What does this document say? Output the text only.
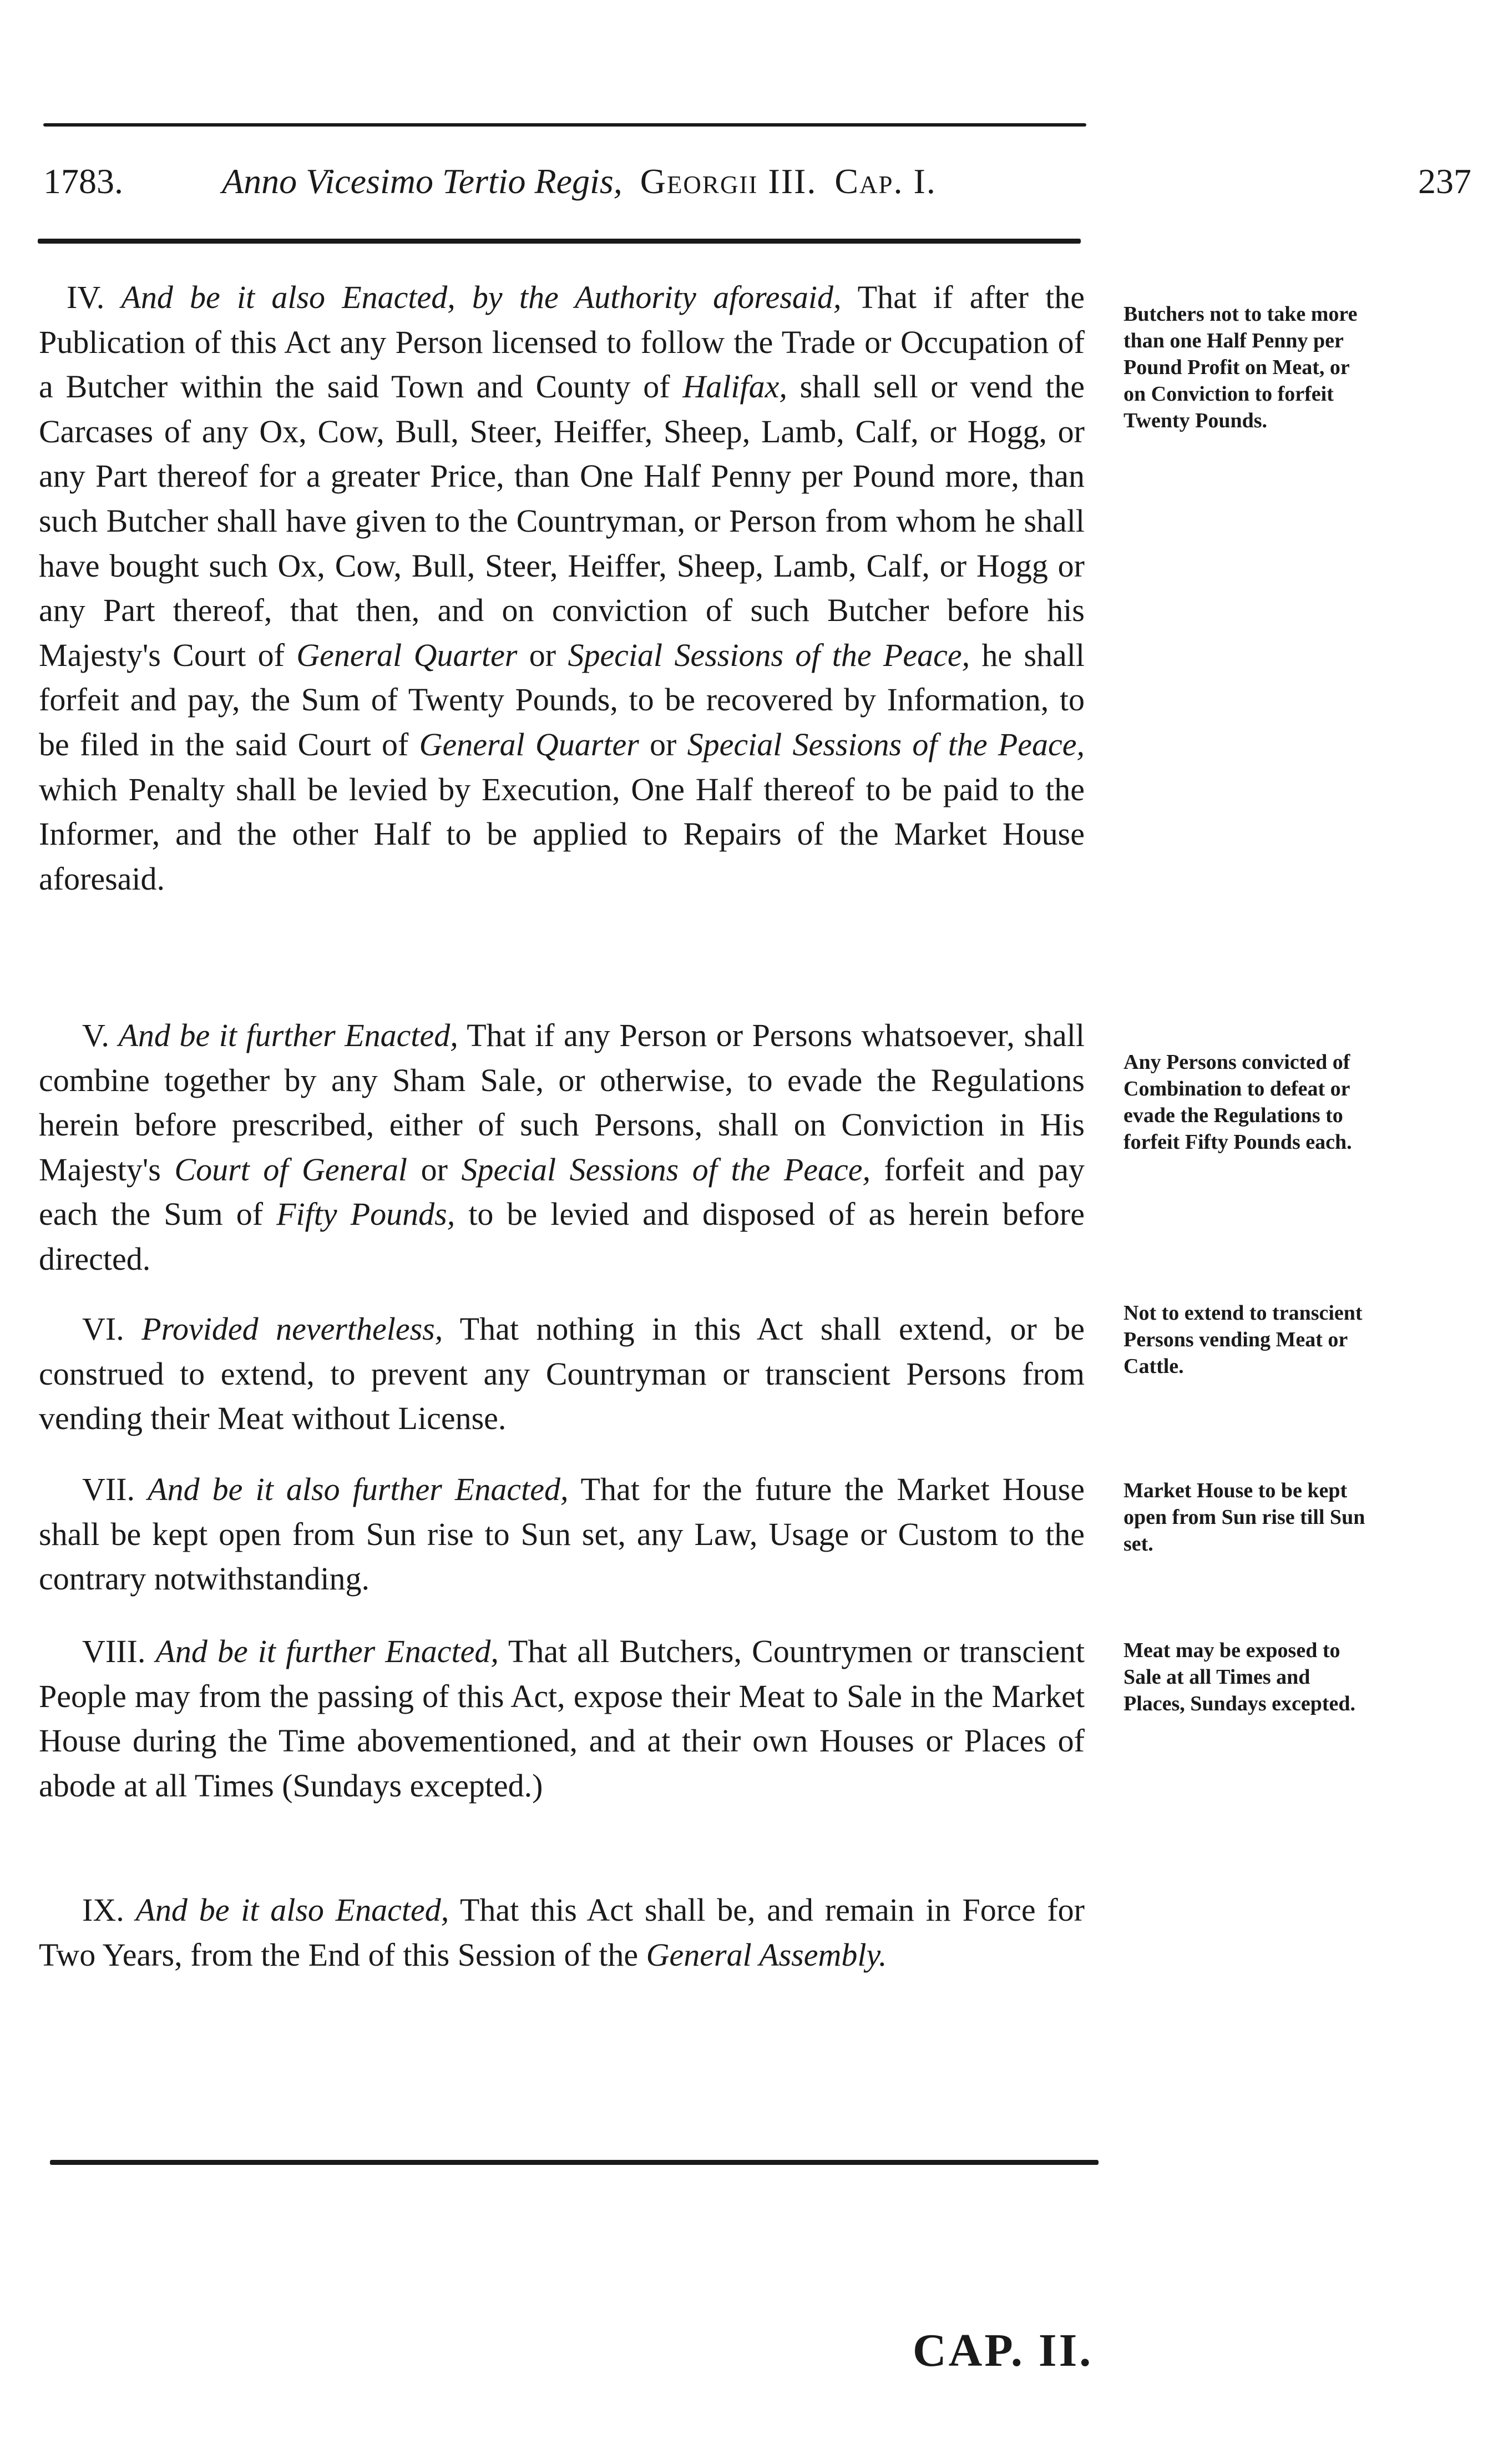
1783.	Anno Vicesimo Tertio Regis, Georgii III. Cap. I.	237
IV. And be it also Enacted, by the Authority aforesaid, That if after the Publication of this Act any Person licensed to follow the Trade or Occupation of a Butcher within the said Town and County of Halifax, shall sell or vend the Carcases of any Ox, Cow, Bull, Steer, Heiffer, Sheep, Lamb, Calf, or Hogg, or any Part thereof for a greater Price, than One Half Penny per Pound more, than such Butcher shall have given to the Countryman, or Person from whom he shall have bought such Ox, Cow, Bull, Steer, Heiffer, Sheep, Lamb, Calf, or Hogg or any Part thereof, that then, and on conviction of such Butcher before his Majesty's Court of General Quarter or Special Sessions of the Peace, he shall forfeit and pay, the Sum of Twenty Pounds, to be recovered by Information, to be filed in the said Court of General Quarter or Special Sessions of the Peace, which Penalty shall be levied by Execution, One Half thereof to be paid to the Informer, and the other Half to be applied to Repairs of the Market House aforesaid.
V. And be it further Enacted, That if any Person or Persons whatsoever, shall combine together by any Sham Sale, or otherwise, to evade the Regulations herein before prescribed, either of such Persons, shall on Conviction in His Majesty's Court of General or Special Sessions of the Peace, forfeit and pay each the Sum of Fifty Pounds, to be levied and disposed of as herein before directed.
VI. Provided nevertheless, That nothing in this Act shall extend, or be construed to extend, to prevent any Countryman or transcient Persons from vending their Meat without License.
VII. And be it also further Enacted, That for the future the Market House shall be kept open from Sun rise to Sun set, any Law, Usage or Custom to the contrary notwithstanding.
VIII. And be it further Enacted, That all Butchers, Countrymen or transcient People may from the passing of this Act, expose their Meat to Sale in the Market House during the Time abovementioned, and at their own Houses or Places of abode at all Times (Sundays excepted.)
IX. And be it also Enacted, That this Act shall be, and remain in Force for Two Years, from the End of this Session of the General Assembly.
Butchers not to take more than one Half Penny per Pound Profit on Meat, or on Conviction to forfeit Twenty Pounds.
Any Persons convicted of Combination to defeat or evade the Regulations to forfeit Fifty Pounds each.
Not to extend to transcient Persons vending Meat or Cattle.
Market House to be kept open from Sun rise till Sun set.
Meat may be exposed to Sale at all Times and Places, Sundays excepted.
CAP. II.
